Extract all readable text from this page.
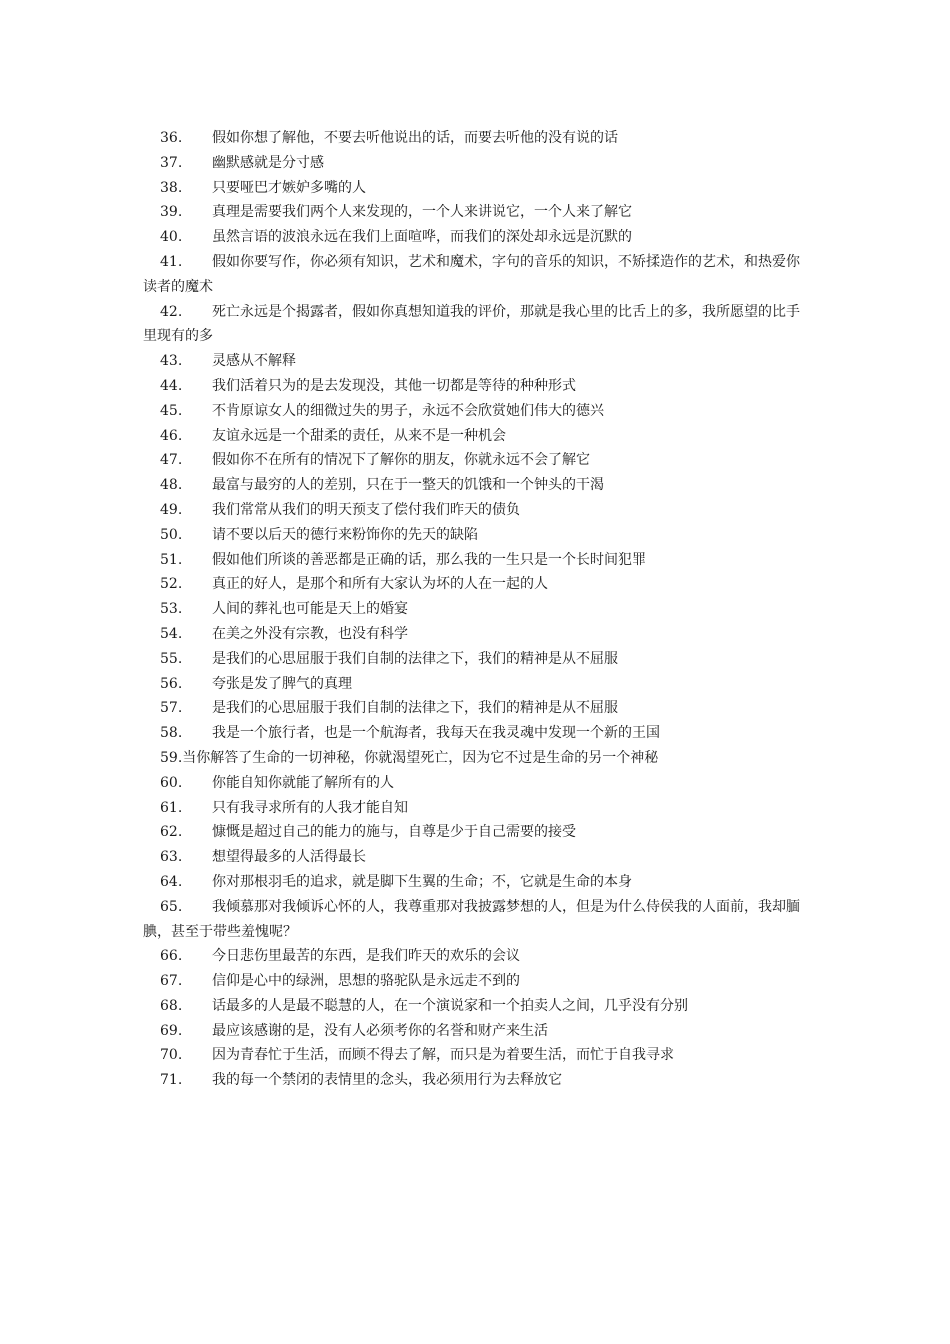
36. 假如你想了解他，不要去听他说出的话，而要去听他的没有说的话

37. 幽默感就是分寸感

38. 只要哑巴才嫉妒多嘴的人

39. 真理是需要我们两个人来发现的，一个人来讲说它，一个人来了解它

40. 虽然言语的波浪永远在我们上面喧哗，而我们的深处却永远是沉默的

41. 假如你要写作，你必须有知识，艺术和魔术，字句的音乐的知识，不矫揉造作的艺术，和热爱你读者的魔术

42. 死亡永远是个揭露者，假如你真想知道我的评价，那就是我心里的比舌上的多，我所愿望的比手里现有的多

43. 灵感从不解释

44. 我们活着只为的是去发现没，其他一切都是等待的种种形式

45. 不肯原谅女人的细微过失的男子，永远不会欣赏她们伟大的德兴

46. 友谊永远是一个甜柔的责任，从来不是一种机会

47. 假如你不在所有的情况下了解你的朋友，你就永远不会了解它

48. 最富与最穷的人的差别，只在于一整天的饥饿和一个钟头的干渴

49. 我们常常从我们的明天预支了偿付我们昨天的债负

50. 请不要以后天的德行来粉饰你的先天的缺陷

51. 假如他们所谈的善恶都是正确的话，那么我的一生只是一个长时间犯罪

52. 真正的好人，是那个和所有大家认为坏的人在一起的人

53. 人间的葬礼也可能是天上的婚宴

54. 在美之外没有宗教，也没有科学

55. 是我们的心思屈服于我们自制的法律之下，我们的精神是从不屈服

56. 夸张是发了脾气的真理

57. 是我们的心思屈服于我们自制的法律之下，我们的精神是从不屈服

58. 我是一个旅行者，也是一个航海者，我每天在我灵魂中发现一个新的王国

59.当你解答了生命的一切神秘，你就渴望死亡，因为它不过是生命的另一个神秘

60. 你能自知你就能了解所有的人

61. 只有我寻求所有的人我才能自知

62. 慷慨是超过自己的能力的施与，自尊是少于自己需要的接受

63. 想望得最多的人活得最长

64. 你对那根羽毛的追求，就是脚下生翼的生命；不，它就是生命的本身

65. 我倾慕那对我倾诉心怀的人，我尊重那对我披露梦想的人，但是为什么侍侯我的人面前，我却腼腆，甚至于带些羞愧呢？

66. 今日悲伤里最苦的东西，是我们昨天的欢乐的会议

67. 信仰是心中的绿洲，思想的骆驼队是永远走不到的

68. 话最多的人是最不聪慧的人，在一个演说家和一个拍卖人之间，几乎没有分别

69. 最应该感谢的是，没有人必须考你的名誉和财产来生活

70. 因为青春忙于生活，而顾不得去了解，而只是为着要生活，而忙于自我寻求

71. 我的每一个禁闭的表情里的念头，我必须用行为去释放它
